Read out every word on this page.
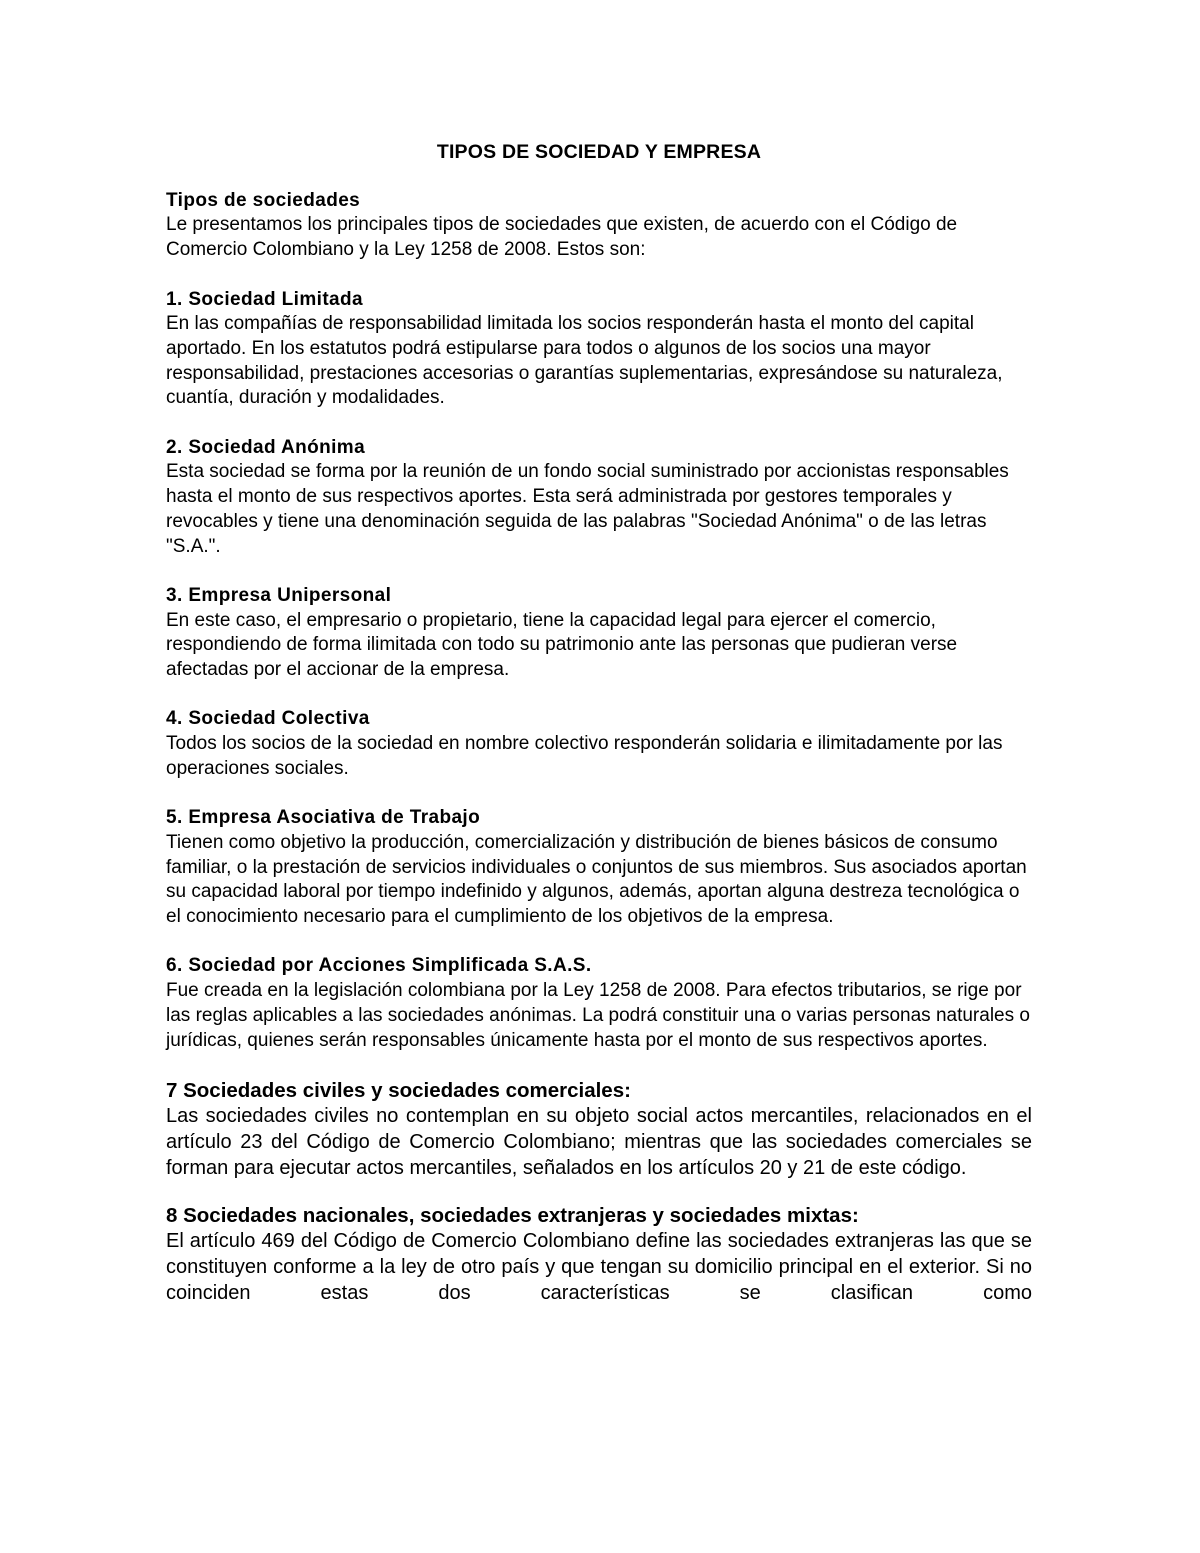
TIPOS DE SOCIEDAD Y EMPRESA
Tipos de sociedades
Le presentamos los principales tipos de sociedades que existen, de acuerdo con el Código de Comercio Colombiano y la Ley 1258 de 2008. Estos son:
1. Sociedad Limitada
En las compañías de responsabilidad limitada los socios responderán hasta el monto del capital aportado. En los estatutos podrá estipularse para todos o algunos de los socios una mayor responsabilidad, prestaciones accesorias o garantías suplementarias, expresándose su naturaleza, cuantía, duración y modalidades.
2. Sociedad Anónima
Esta sociedad se forma por la reunión de un fondo social suministrado por accionistas responsables hasta el monto de sus respectivos aportes. Esta será administrada por gestores temporales y revocables y tiene una denominación seguida de las palabras "Sociedad Anónima" o de las letras "S.A.".
3. Empresa Unipersonal
En este caso, el empresario o propietario, tiene la capacidad legal para ejercer el comercio, respondiendo de forma ilimitada con todo su patrimonio ante las personas que pudieran verse afectadas por el accionar de la empresa.
4. Sociedad Colectiva
Todos los socios de la sociedad en nombre colectivo responderán solidaria e ilimitadamente por las operaciones sociales.
5. Empresa Asociativa de Trabajo
Tienen como objetivo la producción, comercialización y distribución de bienes básicos de consumo familiar, o la prestación de servicios individuales o conjuntos de sus miembros. Sus asociados aportan su capacidad laboral por tiempo indefinido y algunos, además, aportan alguna destreza tecnológica o el conocimiento necesario para el cumplimiento de los objetivos de la empresa.
6. Sociedad por Acciones Simplificada S.A.S.
Fue creada en la legislación colombiana por la Ley 1258 de 2008. Para efectos tributarios, se rige por las reglas aplicables a las sociedades anónimas. La podrá constituir una o varias personas naturales o jurídicas, quienes serán responsables únicamente hasta por el monto de sus respectivos aportes.
7 Sociedades civiles y sociedades comerciales:
Las sociedades civiles no contemplan en su objeto social actos mercantiles, relacionados en el artículo 23 del Código de Comercio Colombiano; mientras que las sociedades comerciales se forman para ejecutar actos mercantiles, señalados en los artículos 20 y 21 de este código.
8 Sociedades nacionales, sociedades extranjeras y sociedades mixtas:
El artículo 469 del Código de Comercio Colombiano define las sociedades extranjeras las que se constituyen conforme a la ley de otro país y que tengan su domicilio principal en el exterior. Si no coinciden estas dos características se clasifican como
